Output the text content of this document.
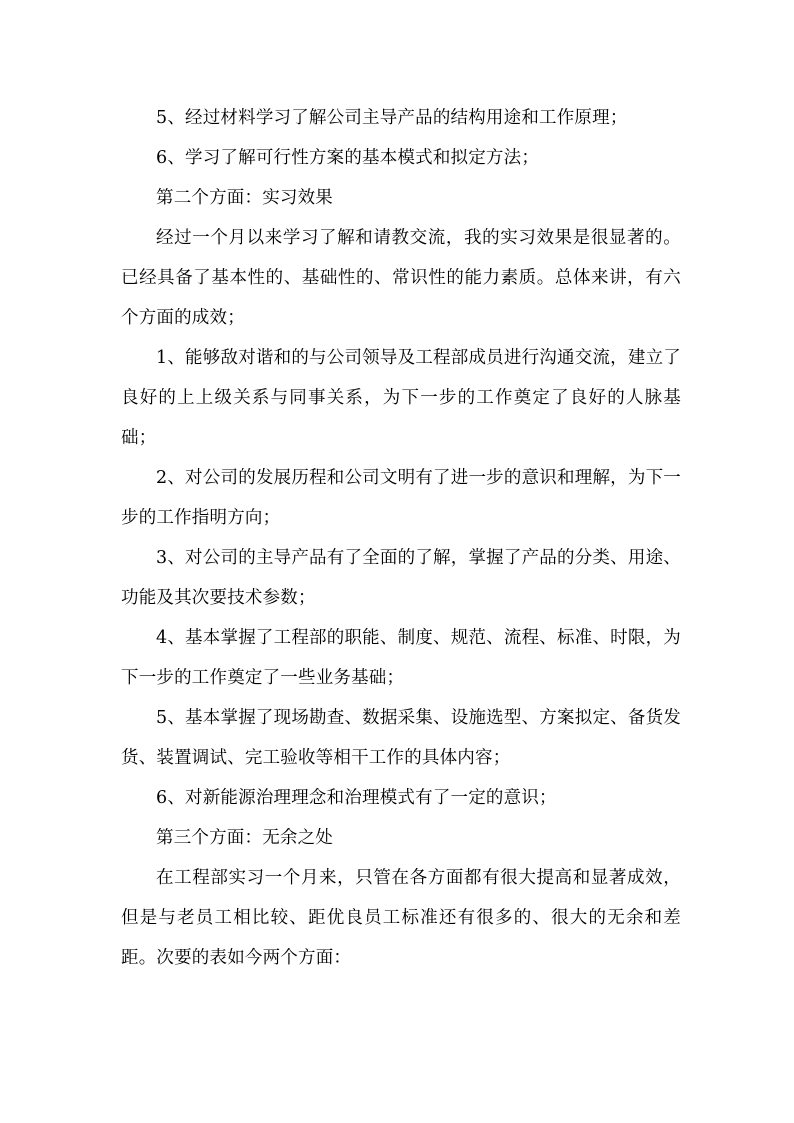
5、经过材料学习了解公司主导产品的结构用途和工作原理；

6、学习了解可行性方案的基本模式和拟定方法；

第二个方面：实习效果

经过一个月以来学习了解和请教交流，我的实习效果是很显著的。已经具备了基本性的、基础性的、常识性的能力素质。总体来讲，有六个方面的成效；

1、能够敌对谐和的与公司领导及工程部成员进行沟通交流，建立了良好的上上级关系与同事关系，为下一步的工作奠定了良好的人脉基础；

2、对公司的发展历程和公司文明有了进一步的意识和理解，为下一步的工作指明方向；

3、对公司的主导产品有了全面的了解，掌握了产品的分类、用途、功能及其次要技术参数；

4、基本掌握了工程部的职能、制度、规范、流程、标准、时限，为下一步的工作奠定了一些业务基础；

5、基本掌握了现场勘查、数据采集、设施选型、方案拟定、备货发货、装置调试、完工验收等相干工作的具体内容；

6、对新能源治理理念和治理模式有了一定的意识；

第三个方面：无余之处

在工程部实习一个月来，只管在各方面都有很大提高和显著成效，但是与老员工相比较、距优良员工标准还有很多的、很大的无余和差距。次要的表如今两个方面：
